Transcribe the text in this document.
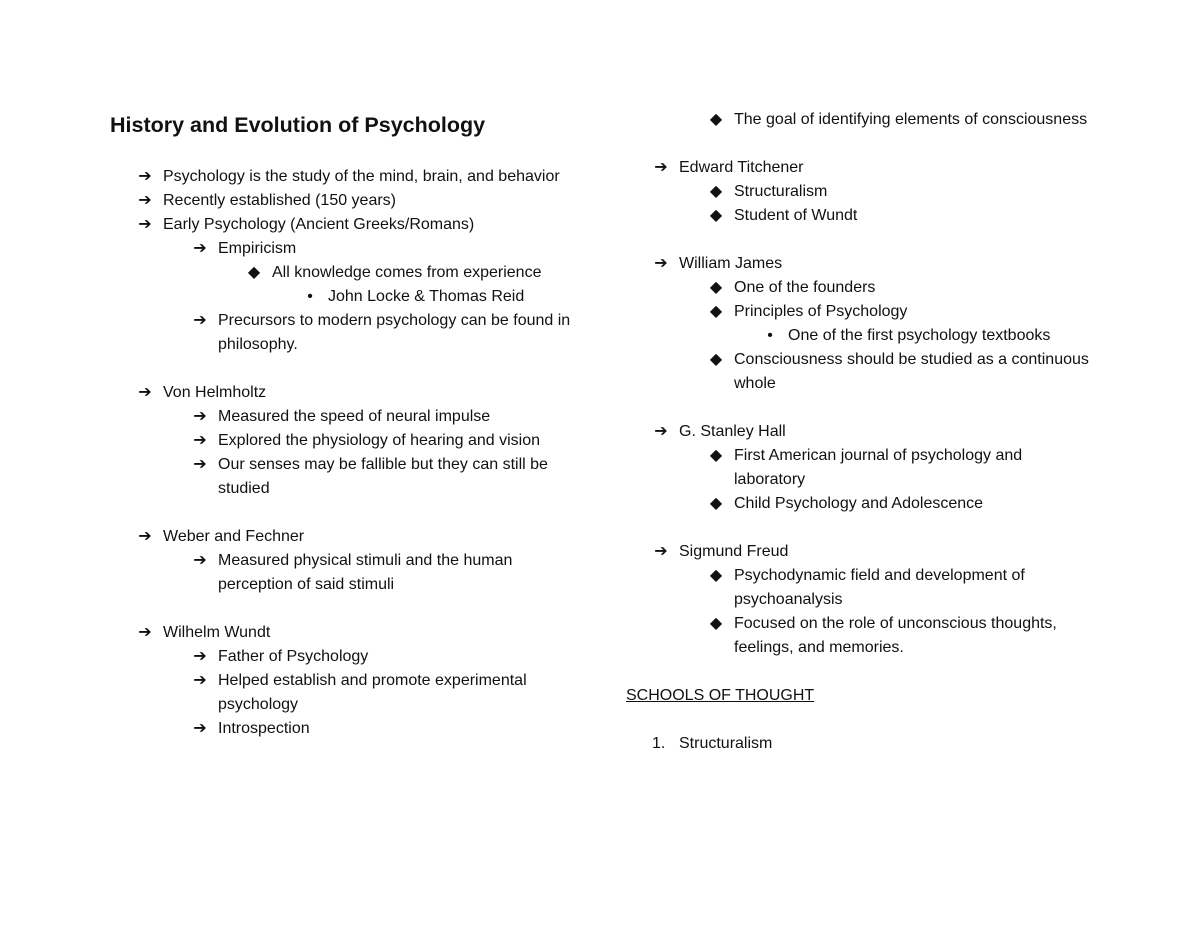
History and Evolution of Psychology
➔ Psychology is the study of the mind, brain, and behavior
➔ Recently established (150 years)
➔ Early Psychology (Ancient Greeks/Romans)
➔ Empiricism
◆ All knowledge comes from experience
• John Locke & Thomas Reid
➔ Precursors to modern psychology can be found in philosophy.
➔ Von Helmholtz
➔ Measured the speed of neural impulse
➔ Explored the physiology of hearing and vision
➔ Our senses may be fallible but they can still be studied
➔ Weber and Fechner
➔ Measured physical stimuli and the human perception of said stimuli
➔ Wilhelm Wundt
➔ Father of Psychology
➔ Helped establish and promote experimental psychology
➔ Introspection
◆ The goal of identifying elements of consciousness
➔ Edward Titchener
◆ Structuralism
◆ Student of Wundt
➔ William James
◆ One of the founders
◆ Principles of Psychology
• One of the first psychology textbooks
◆ Consciousness should be studied as a continuous whole
➔ G. Stanley Hall
◆ First American journal of psychology and laboratory
◆ Child Psychology and Adolescence
➔ Sigmund Freud
◆ Psychodynamic field and development of psychoanalysis
◆ Focused on the role of unconscious thoughts, feelings, and memories.
SCHOOLS OF THOUGHT
1. Structuralism
